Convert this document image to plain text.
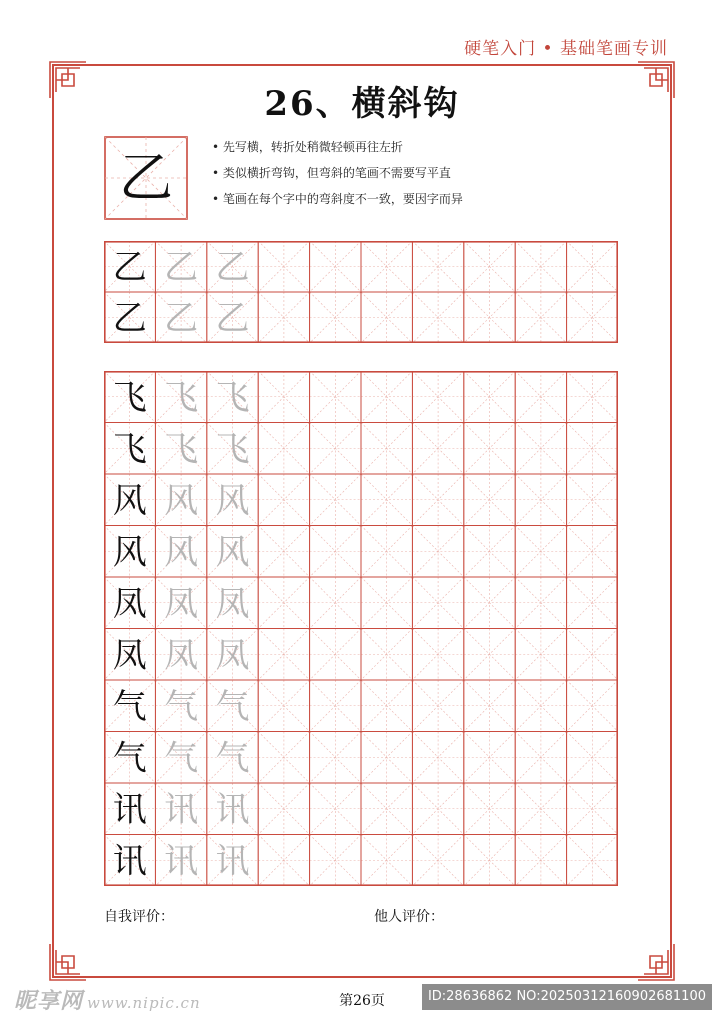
硬笔入门 • 基础笔画专训
26、横斜钩
乙
•	先写横，转折处稍微轻顿再往左折
• 类似横折弯钩，但弯斜的笔画不需要写平直
• 笔画在每个字中的弯斜度不一致，要因字而异
乙 乙 乙
乙 乙 乙
飞 飞 飞
飞 飞 飞
风 风 风
风 风 风
凤 凤 凤
凤 凤 凤
气 气 气
气 气 气
讯 讯 讯
讯 讯 讯
自我评价：	他人评价：
第26页
昵享网 www.nipic.cn	ID:28636862 NO:20250312160902681100
